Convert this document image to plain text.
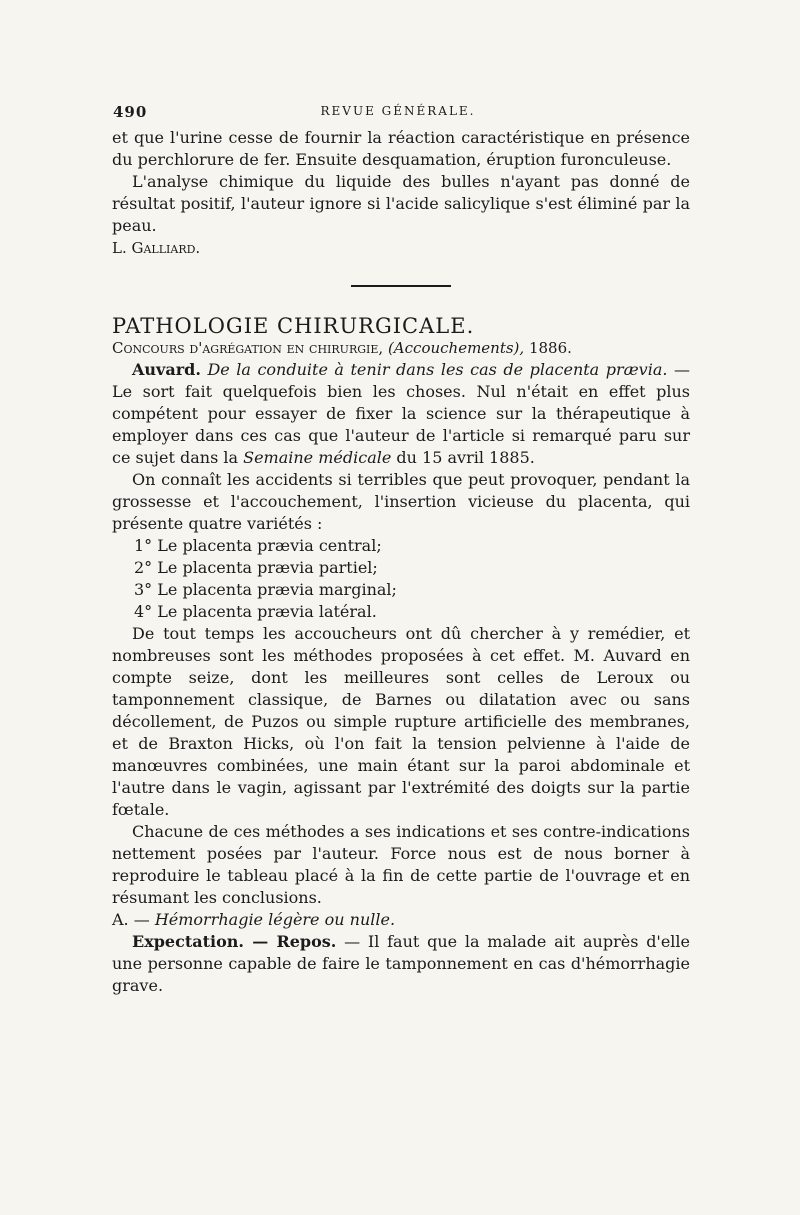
490	REVUE GÉNÉRALE.

et que l'urine cesse de fournir la réaction caractéristique en présence du perchlorure de fer. Ensuite desquamation, éruption furonculeuse.

L'analyse chimique du liquide des bulles n'ayant pas donné de résultat positif, l'auteur ignore si l'acide salicylique s'est éliminé par la peau.

L. Galliard.

PATHOLOGIE CHIRURGICALE.

Concours d'agrégation en chirurgie, (Accouchements), 1886.

Auvard. De la conduite à tenir dans les cas de placenta prævia. — Le sort fait quelquefois bien les choses. Nul n'était en effet plus compétent pour essayer de fixer la science sur la thérapeutique à employer dans ces cas que l'auteur de l'article si remarqué paru sur ce sujet dans la Semaine médicale du 15 avril 1885.

On connaît les accidents si terribles que peut provoquer, pendant la grossesse et l'accouchement, l'insertion vicieuse du placenta, qui présente quatre variétés :

1° Le placenta prævia central;

2° Le placenta prævia partiel;

3° Le placenta prævia marginal;

4° Le placenta prævia latéral.

De tout temps les accoucheurs ont dû chercher à y remédier, et nombreuses sont les méthodes proposées à cet effet. M. Auvard en compte seize, dont les meilleures sont celles de Leroux ou tamponnement classique, de Barnes ou dilatation avec ou sans décollement, de Puzos ou simple rupture artificielle des membranes, et de Braxton Hicks, où l'on fait la tension pelvienne à l'aide de manœuvres combinées, une main étant sur la paroi abdominale et l'autre dans le vagin, agissant par l'extrémité des doigts sur la partie fœtale.

Chacune de ces méthodes a ses indications et ses contre-indications nettement posées par l'auteur. Force nous est de nous borner à reproduire le tableau placé à la fin de cette partie de l'ouvrage et en résumant les conclusions.

A. — Hémorrhagie légère ou nulle.

Expectation. — Repos. — Il faut que la malade ait auprès d'elle une personne capable de faire le tamponnement en cas d'hémorrhagie grave.
